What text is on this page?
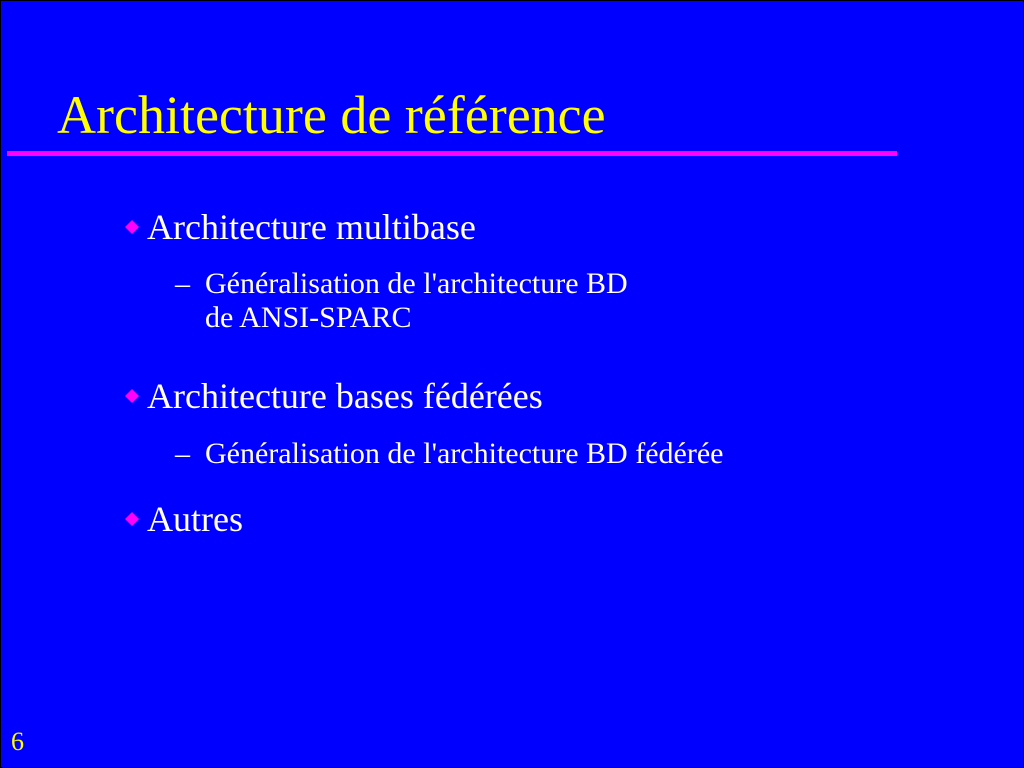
Architecture de référence
Architecture multibase
– Généralisation de l'architecture BD
de ANSI-SPARC
Architecture bases fédérées
– Généralisation de l'architecture BD fédérée
Autres
6
